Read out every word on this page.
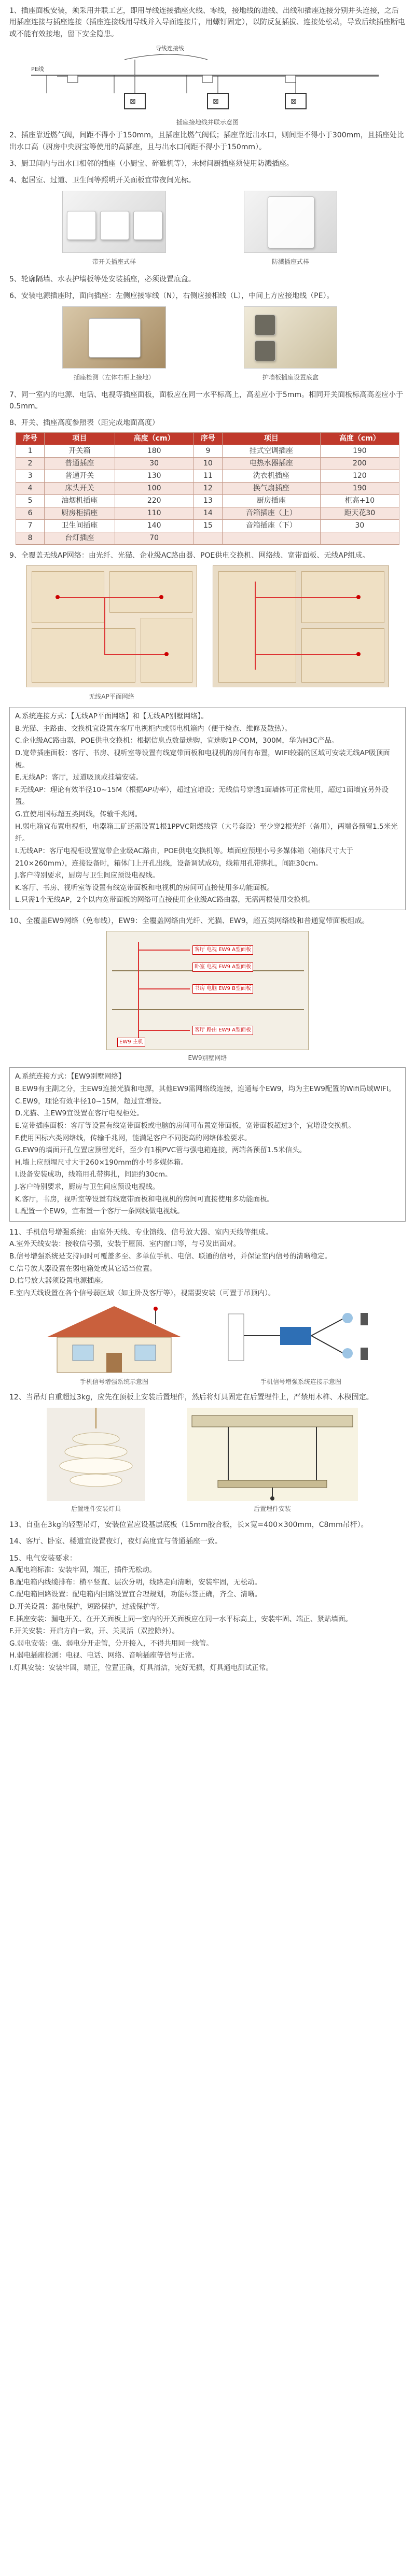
1、插座面板安装，须采用并联工艺，即用导线连接插座火线、零线，接地线的进线、出线和插座连接分别并头连接，之后用插座连接与插座连接（插座连接线用导线并入导面连接片，用螺钉固定），以防反复插拔、连接处松动，导致后续插座断电或不能有效接地，留下安全隐患。

⊠	⊠	⊠
导线连接线
PE线
插座接地线并联示意图

2、插座靠近燃气阀，间距不得小于150mm，且插座比燃气阀低；插座靠近出水口，则间距不得小于300mm，且插座处比出水口高（厨房中央厨宝等使用的高插座，且与出水口间距不得小于150mm）。

3、厨卫间内与出水口相邻的插座（小厨宝、碎碓机等），未树间厨插座须使用防溅插座。

4、起居室、过道、卫生间等照明开关面板宜带夜间光标。

带开关插座式样	防溅插座式样

5、轮廓隔墙、水表护墙板等处安装插座，必须设置底盒。

6、安装电源插座时，面向插座：左侧应接零线（N），右侧应接相线（L），中间上方应接地线（PE）。

插座检测（左体右相上接地）	护墙板插座设置底盒

7、同一室内的电源、电话、电视等插座面板，面板应在同一水平标高上，高差应小于5mm。相同开关面板标高高差应小于0.5mm。

8、开关、插座高度参照表（距完成地面高度）

序号	项目	高度（cm）	序号	项目	高度（cm）
1	开关箱	180	9	挂式空调插座	190
2	普通插座	30	10	电热水器插座	200
3	普通开关	130	11	洗衣机插座	120
4	床头开关	100	12	换气扇插座	190
5	油烟机插座	220	13	厨房插座	柜高+10
6	厨房柜插座	110	14	音箱插座（上）	距天花30
7	卫生间插座	140	15	音箱插座（下）	30
8	台灯插座	70			

9、全覆盖无线AP网络：由光纤、光猫、企业级AC路由器、POE供电交换机、网络线、宽带面板、无线AP组成。

无线AP平面网络
A.系统连接方式：【无线AP平面网络】和【无线AP别墅网络】。
B.光猫、主路由、交换机宜设置在客厅电视柜内或弱电机箱内（便于检查、维修及散热）。
C.企业级AC路由器，POE供电交换机：根据信息点数量选购，宜选购1P-COM，300M，华为H3C产品。
D.宽带插座面板：客厅、书房、视听室等设置有线宽带面板和电视机的房间有布置，WIFI较弱的区域可安装无线AP吸顶面板。
E.无线AP：客厅，过道吸顶或挂墙安装。
F.无线AP：理论有效半径10~15M（根据AP功率），超过宜增设；无线信号穿透1面墙体可正常使用，超过1面墙宜另外设置。
G.宜使用国标超五类网线，传输千兆网。
H.弱电箱宜布置电视柜，电器箱工矿还需设置1根1PPVC阻燃线管（大号套设）至少穿2根光纤（备用），两端各预留1.5米光纤。
I.无线AP：客厅电视柜设置宽带企业级AC路由，POE供电交换机等。墙面应预埋小号多媒体箱（箱体尺寸大于210×260mm），连接设备时，箱体门上开孔出线，设备调试成功，线箱用孔带绑扎，间距30cm。
J.客户特别要求，厨房与卫生间应预设电视线。
K.客厅、书房、视听室等设置有线宽带面板和电视机的房间可直接使用多功能面板。
L.只需1个无线AP，2个以内宽带面板的网络可直接使用企业级AC路由器，无需两根使用交换机。

10、全覆盖EW9网络（免布线），EW9：全覆盖网络由光纤、光猫、EW9，超五类网络线和普通宽带面板组成。

客厅 电视 EW9 A型面板
卧室 电视 EW9 A型面板
书房 电脑 EW9 B型面板
客厅 路由 EW9 A型面板
EW9 主机
EW9别墅网络
A.系统连接方式：【EW9别墅网络】
B.EW9有主副之分，主EW9连接光猫和电源，其他EW9需网络线连接，连通每个EW9，均为主EW9配置的Wifi局域WIFI。
C.EW9，理论有效半径10~15M，超过宜增设。
D.光猫、主EW9宜设置在客厅电视柜处。
E.宽带插座面板：客厅等设置有线宽带面板或电脑的房间可布置宽带面板，宽带面板超过3个，宜增设交换机。
F.使用国标六类网络线，传输千兆网，能满足客户不同提高的网络体验要求。
G.EW9的墙面开孔位置应预留光纤，至少有1根PVC管与强电箱连接，两端各预留1.5米信头。
H.墙上应预埋尺寸大于260×190mm的小号多媒体箱。
I.设备安装成功，线箱用孔带绑扎，间距约30cm。
J.客户特别要求，厨房与卫生间应预设电视线。
K.客厅，书房，视听室等设置有线宽带面板和电视机的房间可直接使用多功能面板。
L.配置一个EW9，宜布置一个客厅一条网线做电视线。

11、手机信号增强系统：由室外天线、专业馈线、信号放大器、室内天线等组成。

A.室外天线安装：接收信号强，安装于屋顶、室内窗口等，与号发出面对。
B.信号增强系统是支持同时可覆盖多至、多单位手机、电信、联通的信号，并保证室内信号的清晰稳定。
C.信号放大器设置在弱电箱处或其它适当位置。
D.信号放大器须设置电源插座。
E.室内天线设置在各个信号弱区域（如主卧及客厅等），视需要安装（可置于吊顶内）。
手机信号增强系统示意图	手机信号增强系统连接示意图

12、当吊灯自重超过3kg，应先在顶板上安装后置埋件，然后将灯具固定在后置埋件上，严禁用木榫、木楔固定。

后置埋件安装灯具	后置埋件安装

13、自重在3kg的轻型吊灯，安装位置应设基层底板（15mm胶合板，长×宽=400×300mm，C8mm吊杆）。

14、客厅、卧室、楼道宜设置夜灯，夜灯高度宜与普通插座一致。

15、电气安装要求：

A.配电箱标准：安装牢固，端正，插件无松动。
B.配电箱内线缆排布：横平竖直、层次分明，线路走向清晰，安装牢固，无松动。
C.配电箱回路设置：配电箱内回路设置宜合理规划，功能标签正确，齐全、清晰。
D.开关设置：漏电保护，短路保护，过载保护等。
E.插座安装：漏电开关、在开关面板上同一室内的开关面板应在同一水平标高上，安装牢固、端正、紧贴墙面。
F.开关安装：开启方向一致，开、关灵活（双控除外）。
G.弱电安装：强、弱电分开走管，分开接入，不得共用同一线管。
H.弱电插座检测：电视、电话、网络、音响插座等信号正常。
I.灯具安装：安装牢固，端正，位置正确，灯具清洁，完好无损，灯具通电测试正常。
